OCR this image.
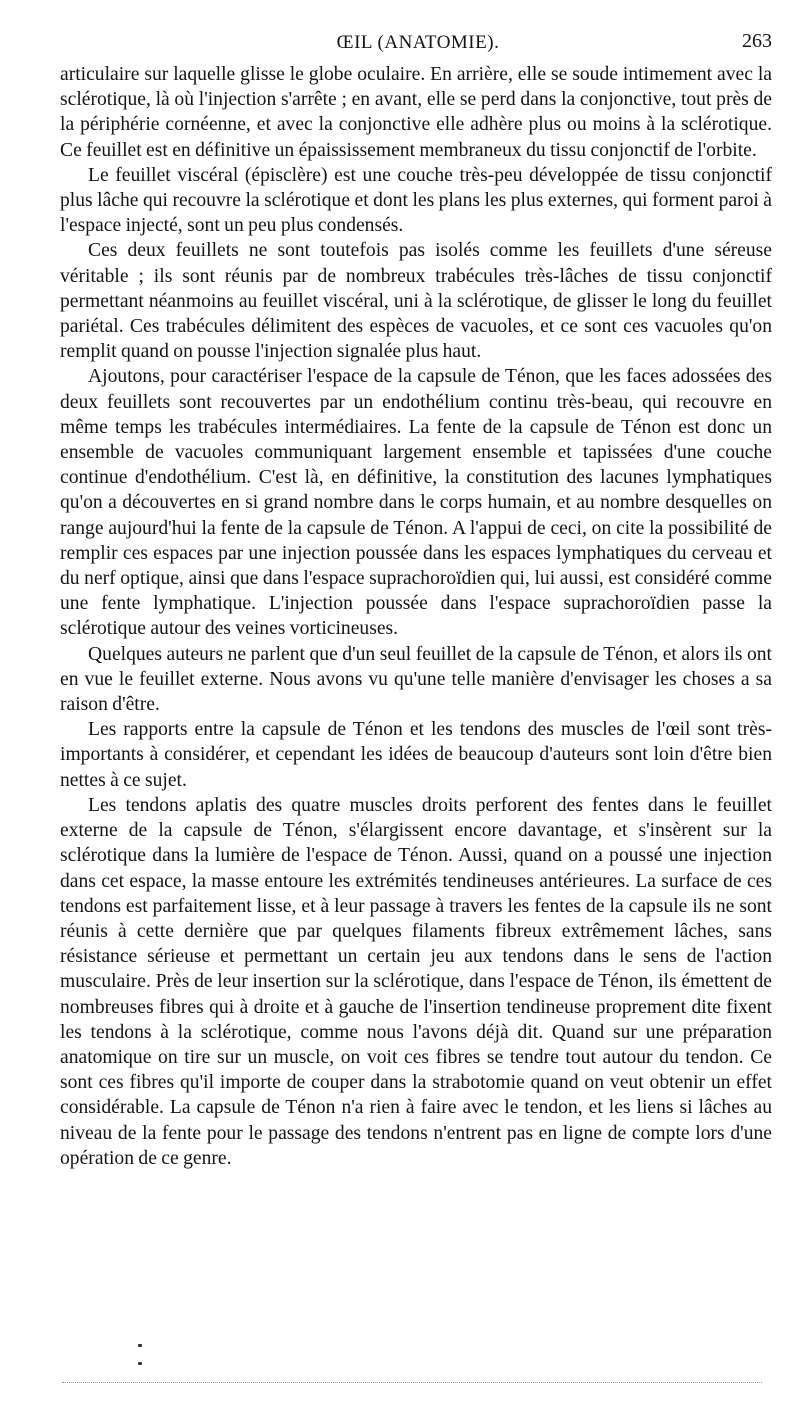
ŒIL (ANATOMIE).	263

articulaire sur laquelle glisse le globe oculaire. En arrière, elle se soude intimement avec la sclérotique, là où l'injection s'arrête ; en avant, elle se perd dans la conjonctive, tout près de la périphérie cornéenne, et avec la conjonctive elle adhère plus ou moins à la sclérotique. Ce feuillet est en définitive un épaississement membraneux du tissu conjonctif de l'orbite.

Le feuillet viscéral (épisclère) est une couche très-peu développée de tissu conjonctif plus lâche qui recouvre la sclérotique et dont les plans les plus externes, qui forment paroi à l'espace injecté, sont un peu plus condensés.

Ces deux feuillets ne sont toutefois pas isolés comme les feuillets d'une séreuse véritable ; ils sont réunis par de nombreux trabécules très-lâches de tissu conjonctif permettant néanmoins au feuillet viscéral, uni à la sclérotique, de glisser le long du feuillet pariétal. Ces trabécules délimitent des espèces de vacuoles, et ce sont ces vacuoles qu'on remplit quand on pousse l'injection signalée plus haut.

Ajoutons, pour caractériser l'espace de la capsule de Ténon, que les faces adossées des deux feuillets sont recouvertes par un endothélium continu très-beau, qui recouvre en même temps les trabécules intermédiaires. La fente de la capsule de Ténon est donc un ensemble de vacuoles communiquant largement ensemble et tapissées d'une couche continue d'endothélium. C'est là, en définitive, la constitution des lacunes lymphatiques qu'on a découvertes en si grand nombre dans le corps humain, et au nombre desquelles on range aujourd'hui la fente de la capsule de Ténon. A l'appui de ceci, on cite la possibilité de remplir ces espaces par une injection poussée dans les espaces lymphatiques du cerveau et du nerf optique, ainsi que dans l'espace suprachoroïdien qui, lui aussi, est considéré comme une fente lymphatique. L'injection poussée dans l'espace suprachoroïdien passe la sclérotique autour des veines vorticineuses.

Quelques auteurs ne parlent que d'un seul feuillet de la capsule de Ténon, et alors ils ont en vue le feuillet externe. Nous avons vu qu'une telle manière d'envisager les choses a sa raison d'être.

Les rapports entre la capsule de Ténon et les tendons des muscles de l'œil sont très-importants à considérer, et cependant les idées de beaucoup d'auteurs sont loin d'être bien nettes à ce sujet.

Les tendons aplatis des quatre muscles droits perforent des fentes dans le feuillet externe de la capsule de Ténon, s'élargissent encore davantage, et s'insèrent sur la sclérotique dans la lumière de l'espace de Ténon. Aussi, quand on a poussé une injection dans cet espace, la masse entoure les extrémités tendineuses antérieures. La surface de ces tendons est parfaitement lisse, et à leur passage à travers les fentes de la capsule ils ne sont réunis à cette dernière que par quelques filaments fibreux extrêmement lâches, sans résistance sérieuse et permettant un certain jeu aux tendons dans le sens de l'action musculaire. Près de leur insertion sur la sclérotique, dans l'espace de Ténon, ils émettent de nombreuses fibres qui à droite et à gauche de l'insertion tendineuse proprement dite fixent les tendons à la sclérotique, comme nous l'avons déjà dit. Quand sur une préparation anatomique on tire sur un muscle, on voit ces fibres se tendre tout autour du tendon. Ce sont ces fibres qu'il importe de couper dans la strabotomie quand on veut obtenir un effet considérable. La capsule de Ténon n'a rien à faire avec le tendon, et les liens si lâches au niveau de la fente pour le passage des tendons n'entrent pas en ligne de compte lors d'une opération de ce genre.
